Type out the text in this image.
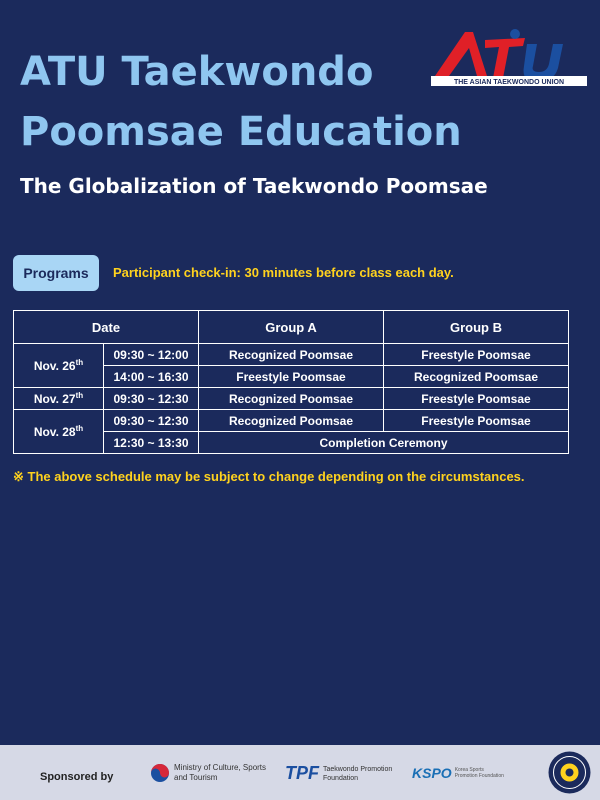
ATU Taekwondo
Poomsae Education
The Globalization of Taekwondo Poomsae
THE ASIAN TAEKWONDO UNION
Programs	Participant check-in: 30 minutes before class each day.
Date		Group A	Group B
Nov. 26th	09:30 ~ 12:00	Recognized Poomsae	Freestyle Poomsae
	14:00 ~ 16:30	Freestyle Poomsae	Recognized Poomsae
Nov. 27th	09:30 ~ 12:30	Recognized Poomsae	Freestyle Poomsae
Nov. 28th	09:30 ~ 12:30	Recognized Poomsae	Freestyle Poomsae
	12:30 ~ 13:30	Completion Ceremony	
※ The above schedule may be subject to change depending on the circumstances.
Sponsored by
Ministry of Culture, Sports
and Tourism	TPF Taekwondo Promotion
Foundation	KSPO Korea Sports
Promotion Foundation
